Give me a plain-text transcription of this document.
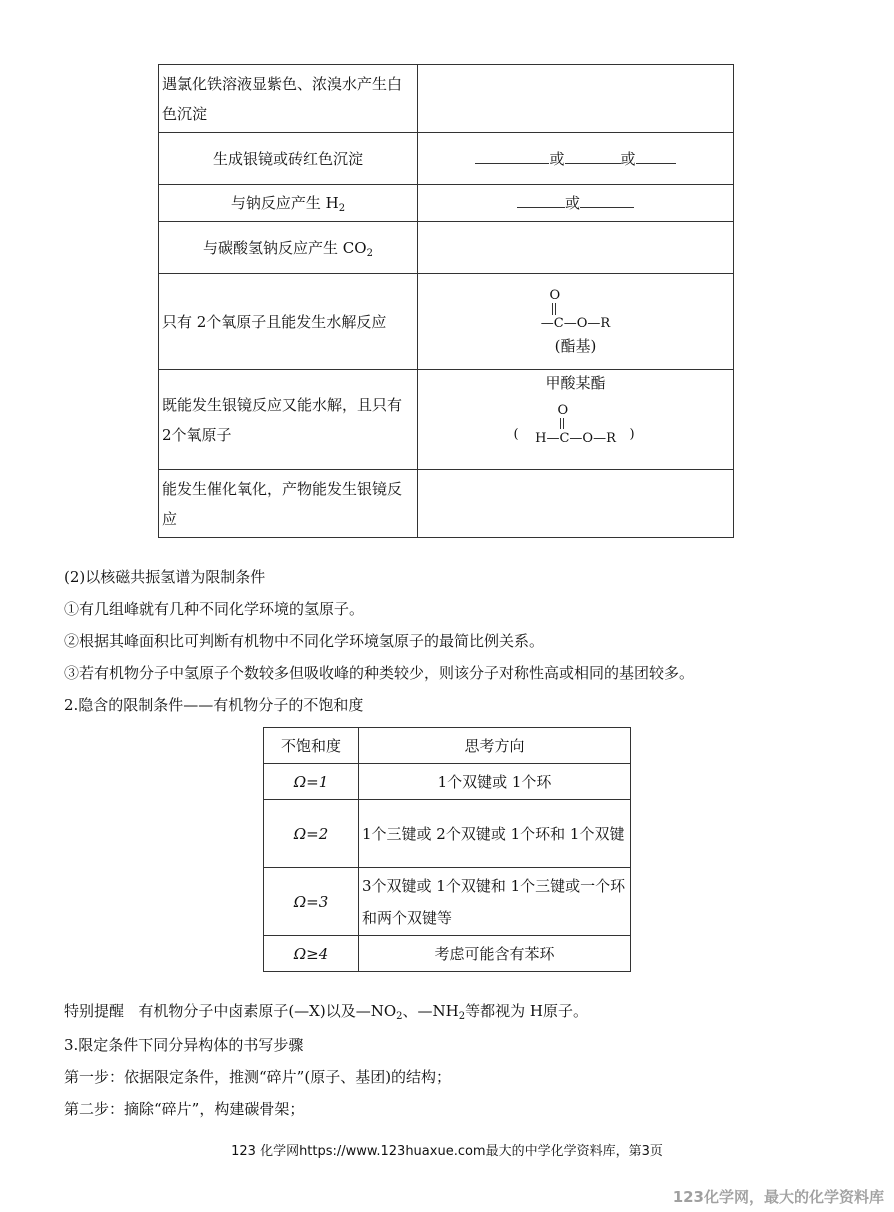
遇氯化铁溶液显紫色、浓溴水产生白色沉淀	
生成银镜或砖红色沉淀	或 或
与钠反应产生 $H_2$	或
与碳酸氢钠反应产生 $CO_2$	
只有 2个氧原子且能发生水解反应	O
—C—O—R
(酯基)

既能发生银镜反应又能水解，且只有 2个氧原子	甲酸某酯
(
O
H—C—O—R )

能发生催化氧化，产物能发生银镜反应	
(2)以核磁共振氢谱为限制条件
①有几组峰就有几种不同化学环境的氢原子。
②根据其峰面积比可判断有机物中不同化学环境氢原子的最简比例关系。
③若有机物分子中氢原子个数较多但吸收峰的种类较少，则该分子对称性高或相同的基团较多。
2.隐含的限制条件——有机物分子的不饱和度
不饱和度	思考方向
Ω=1	1个双键或 1个环
Ω=2	1个三键或 2个双键或 1个环和 1个双键
Ω=3	3个双键或 1个双键和 1个三键或一个环和两个双键等
Ω≥4	考虑可能含有苯环
特别提醒 有机物分子中卤素原子(—X)以及$—NO_2$、$—NH_2$等都视为 H原子。
3.限定条件下同分异构体的书写步骤
第一步：依据限定条件，推测“碎片”(原子、基团)的结构；
第二步：摘除“碎片”，构建碳骨架；
123 化学网https://www.123huaxue.com最大的中学化学资料库，第3页
123化学网，最大的化学资料库
